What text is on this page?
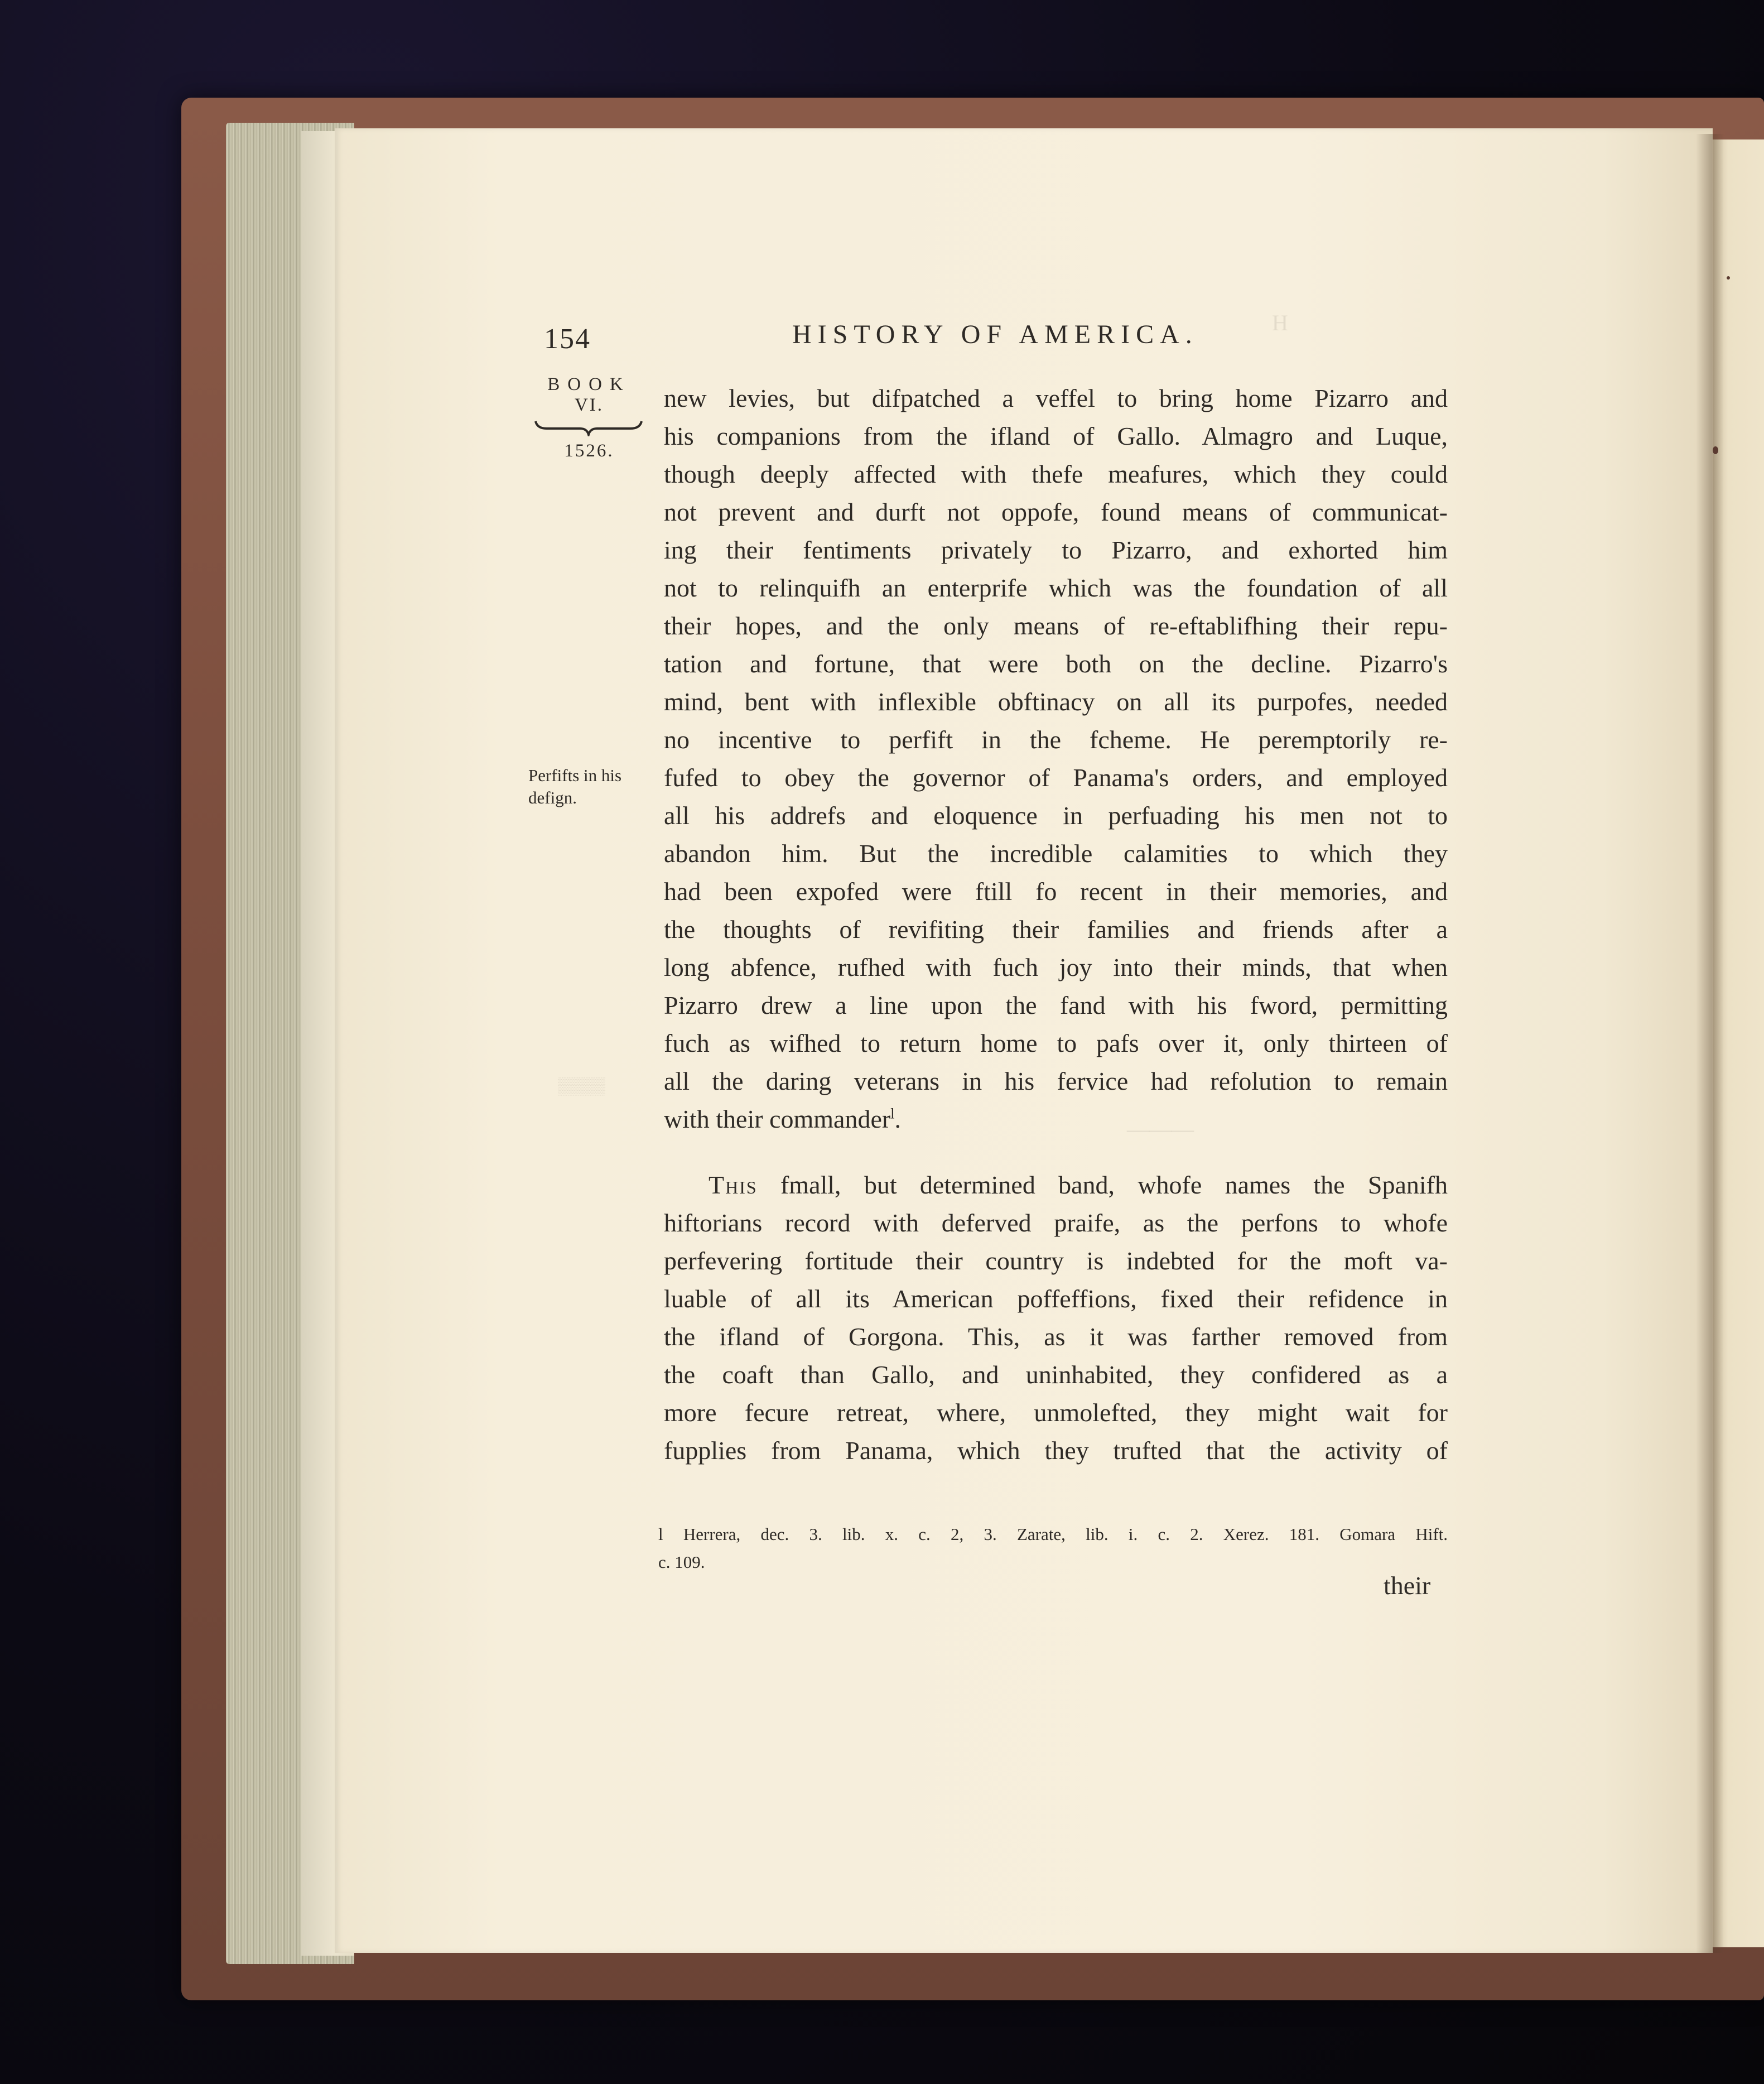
H
———
▒▒▒▒
154	HISTORY OF AMERICA.
BOOK
VI.
1526.
Perfifts in his
defign.
new levies, but difpatched a veffel to bring home Pizarro and
his companions from the ifland of Gallo. Almagro and Luque,
though deeply affected with thefe meafures, which they could
not prevent and durft not oppofe, found means of communicat-
ing their fentiments privately to Pizarro, and exhorted him
not to relinquifh an enterprife which was the foundation of all
their hopes, and the only means of re-eftablifhing their repu-
tation and fortune, that were both on the decline. Pizarro's
mind, bent with inflexible obftinacy on all its purpofes, needed
no incentive to perfift in the fcheme. He peremptorily re-
fufed to obey the governor of Panama's orders, and employed
all his addrefs and eloquence in perfuading his men not to
abandon him. But the incredible calamities to which they
had been expofed were ftill fo recent in their memories, and
the thoughts of revifiting their families and friends after a
long abfence, rufhed with fuch joy into their minds, that when
Pizarro drew a line upon the fand with his fword, permitting
fuch as wifhed to return home to pafs over it, only thirteen of
all the daring veterans in his fervice had refolution to remain
with their commander$^l$.
This fmall, but determined band, whofe names the Spanifh
hiftorians record with deferved praife, as the perfons to whofe
perfevering fortitude their country is indebted for the moft va-
luable of all its American poffeffions, fixed their refidence in
the ifland of Gorgona. This, as it was farther removed from
the coaft than Gallo, and uninhabited, they confidered as a
more fecure retreat, where, unmolefted, they might wait for
fupplies from Panama, which they trufted that the activity of
l Herrera, dec. 3. lib. x. c. 2, 3. Zarate, lib. i. c. 2. Xerez. 181. Gomara Hift.
c. 109.
their
